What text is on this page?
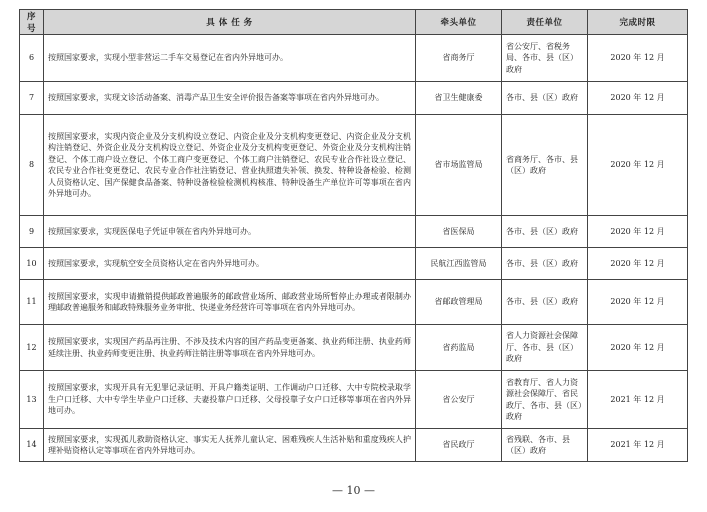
序号	具 体 任 务	牵头单位	责任单位	完成时限
6	按照国家要求，实现小型非营运二手车交易登记在省内外异地可办。	省商务厅	省公安厅、省税务局、各市、县（区）政府	2020 年 12 月
7	按照国家要求，实现文诊活动备案、消毒产品卫生安全评价报告备案等事项在省内外异地可办。	省卫生健康委	各市、县（区）政府	2020 年 12 月
8	按照国家要求，实现内资企业及分支机构设立登记、内资企业及分支机构变更登记、内资企业及分支机构注销登记、外资企业及分支机构设立登记、外资企业及分支机构变更登记、外资企业及分支机构注销登记、个体工商户设立登记、个体工商户变更登记、个体工商户注销登记、农民专业合作社设立登记、农民专业合作社变更登记、农民专业合作社注销登记、营业执照遗失补领、换发、特种设备检验、检测人员资格认定、国产保健食品备案、特种设备检验检测机构核准、特种设备生产单位许可等事项在省内外异地可办。	省市场监管局	省商务厅、各市、县（区）政府	2020 年 12 月
9	按照国家要求，实现医保电子凭证申领在省内外异地可办。	省医保局	各市、县（区）政府	2020 年 12 月
10	按照国家要求，实现航空安全员资格认定在省内外异地可办。	民航江西监管局	各市、县（区）政府	2020 年 12 月
11	按照国家要求，实现申请撤销提供邮政普遍服务的邮政营业场所、邮政营业场所暂停止办理或者限制办理邮政普遍服务和邮政特殊服务业务审批、快递业务经营许可等事项在省内外异地可办。	省邮政管理局	各市、县（区）政府	2020 年 12 月
12	按照国家要求，实现国产药品再注册、不涉及技术内容的国产药品变更备案、执业药师注册、执业药师延续注册、执业药师变更注册、执业药师注销注册等事项在省内外异地可办。	省药监局	省人力资源社会保障厅、各市、县（区）政府	2020 年 12 月
13	按照国家要求，实现开具有无犯罪记录证明、开具户籍类证明、工作调动户口迁移、大中专院校录取学生户口迁移、大中专学生毕业户口迁移、夫妻投靠户口迁移、父母投靠子女户口迁移等事项在省内外异地可办。	省公安厅	省教育厅、省人力资源社会保障厅、省民政厅、各市、县（区）政府	2021 年 12 月
14	按照国家要求，实现孤儿救助资格认定、事实无人抚养儿童认定、困难残疾人生活补贴和重度残疾人护理补贴资格认定等事项在省内外异地可办。	省民政厅	省残联、各市、县（区）政府	2021 年 12 月
— 10 —
